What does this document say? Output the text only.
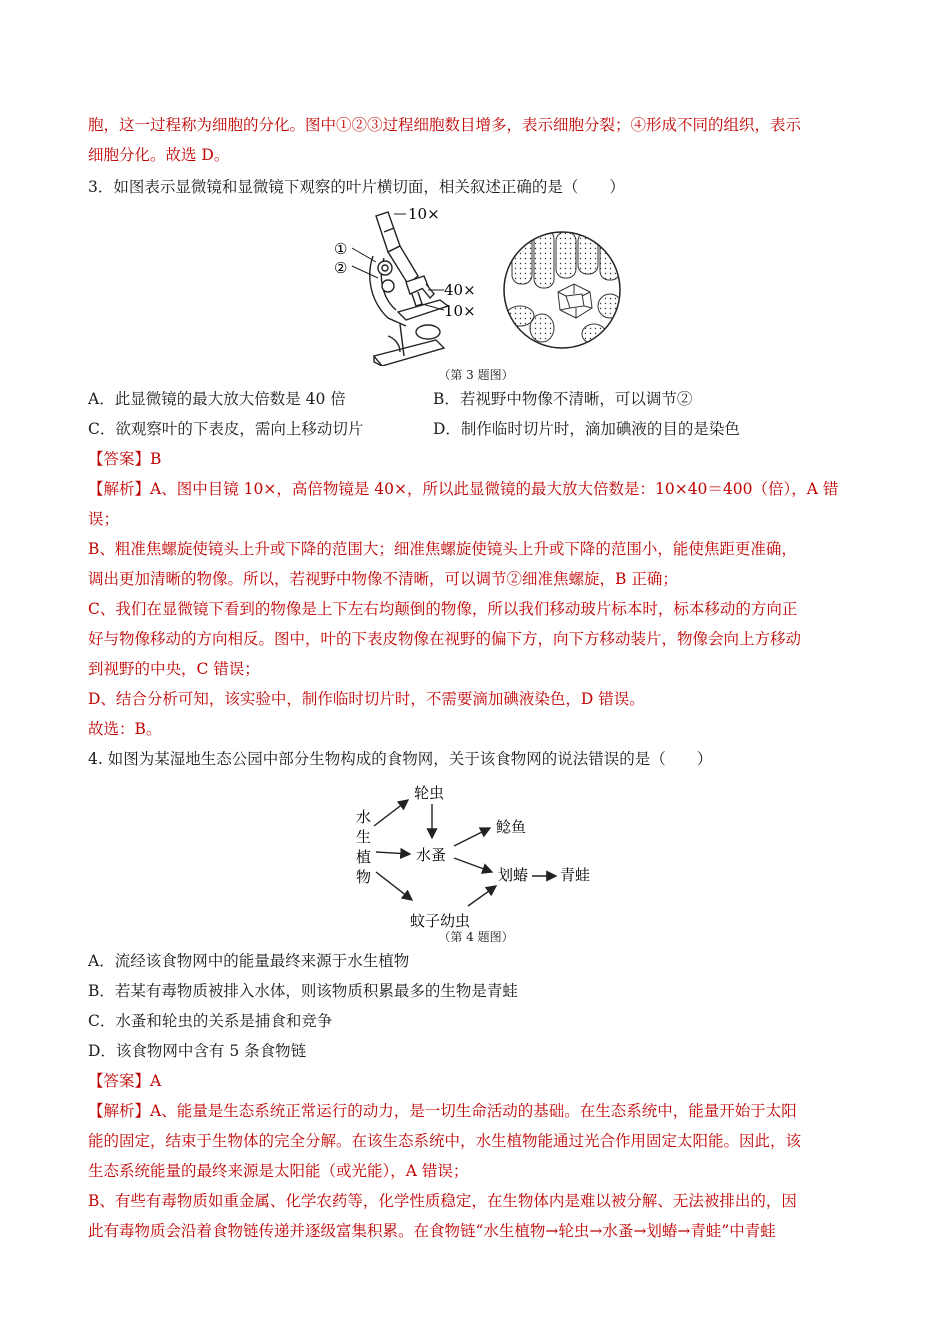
胞，这一过程称为细胞的分化。图中①②③过程细胞数目增多，表示细胞分裂；④形成不同的组织，表示
细胞分化。故选 D。
3．如图表示显微镜和显微镜下观察的叶片横切面，相关叙述正确的是（　　）
10×
①
②
40×
10×
（第 3 题图）
A．此显微镜的最大放大倍数是 40 倍	B．若视野中物像不清晰，可以调节②
C．欲观察叶的下表皮，需向上移动切片	D．制作临时切片时，滴加碘液的目的是染色
【答案】B
【解析】A、图中目镜 10×，高倍物镜是 40×，所以此显微镜的最大放大倍数是：10×40＝400（倍），A 错
误；
B、粗准焦螺旋使镜头上升或下降的范围大；细准焦螺旋使镜头上升或下降的范围小，能使焦距更准确，
调出更加清晰的物像。所以，若视野中物像不清晰，可以调节②细准焦螺旋，B 正确；
C、我们在显微镜下看到的物像是上下左右均颠倒的物像，所以我们移动玻片标本时，标本移动的方向正
好与物像移动的方向相反。图中，叶的下表皮物像在视野的偏下方，向下方移动装片，物像会向上方移动
到视野的中央，C 错误；
D、结合分析可知，该实验中，制作临时切片时，不需要滴加碘液染色，D 错误。
故选：B。
4. 如图为某湿地生态公园中部分生物构成的食物网，关于该食物网的说法错误的是（　　）
水
生
植
物
轮虫
水蚤
鲶鱼
划蝽 青蛙
蚊子幼虫
（第 4 题图）
A．流经该食物网中的能量最终来源于水生植物
B．若某有毒物质被排入水体，则该物质积累最多的生物是青蛙
C．水蚤和轮虫的关系是捕食和竞争
D．该食物网中含有 5 条食物链
【答案】A
【解析】A、能量是生态系统正常运行的动力，是一切生命活动的基础。在生态系统中，能量开始于太阳
能的固定，结束于生物体的完全分解。在该生态系统中，水生植物能通过光合作用固定太阳能。因此，该
生态系统能量的最终来源是太阳能（或光能），A 错误；
B、有些有毒物质如重金属、化学农药等，化学性质稳定，在生物体内是难以被分解、无法被排出的，因
此有毒物质会沿着食物链传递并逐级富集积累。在食物链“水生植物→轮虫→水蚤→划蝽→青蛙”中青蛙
